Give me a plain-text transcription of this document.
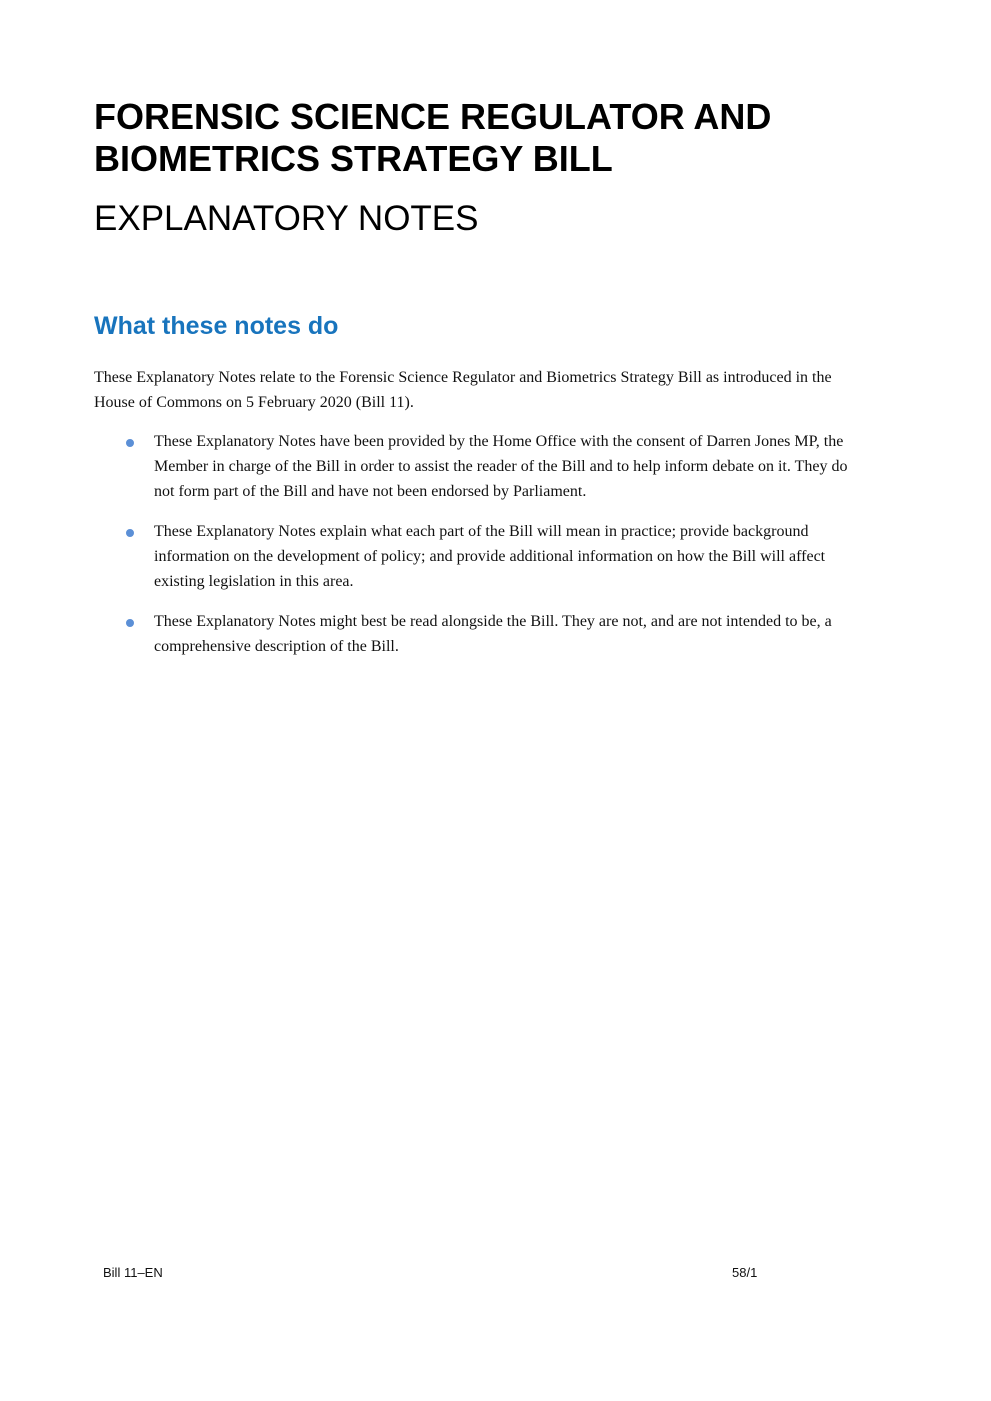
FORENSIC SCIENCE REGULATOR AND
BIOMETRICS STRATEGY BILL
EXPLANATORY NOTES
What these notes do

These Explanatory Notes relate to the Forensic Science Regulator and Biometrics Strategy Bill as introduced in the House of Commons on 5 February 2020 (Bill 11).

These Explanatory Notes have been provided by the Home Office with the consent of Darren Jones MP, the Member in charge of the Bill in order to assist the reader of the Bill and to help inform debate on it. They do not form part of the Bill and have not been endorsed by Parliament.
These Explanatory Notes explain what each part of the Bill will mean in practice; provide background information on the development of policy; and provide additional information on how the Bill will affect existing legislation in this area.
These Explanatory Notes might best be read alongside the Bill. They are not, and are not intended to be, a comprehensive description of the Bill.

Bill 11–EN	58/1
